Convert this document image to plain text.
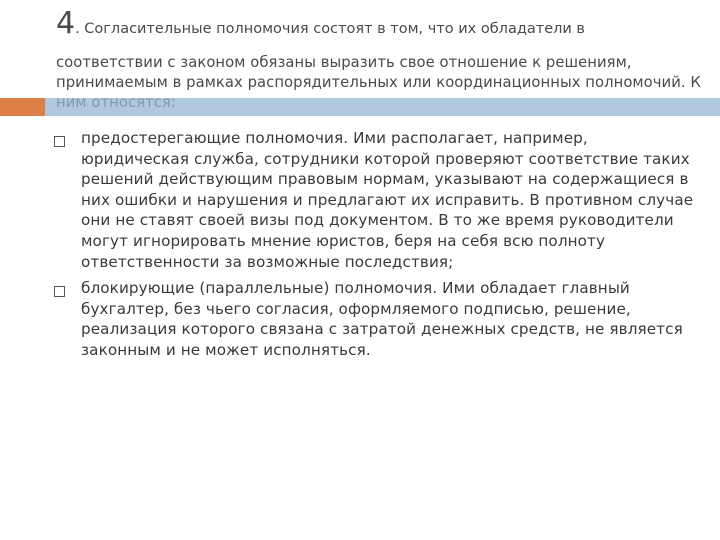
4. Согласительные полномочия состоят в том, что их обладатели в
соответствии с законом обязаны выразить свое отношение к решениям, принимаемым в рамках распорядительных или координационных полномочий. К
предостерегающие полномочия. Ими располагает, например, юридическая служба, сотрудники которой проверяют соответствие таких решений действующим правовым нормам, указывают на содержащиеся в них ошибки и нарушения и предлагают их исправить. В противном случае они не ставят своей визы под документом. В то же время руководители могут игнорировать мнение юристов, беря на себя всю полноту ответственности за возможные последствия;
блокирующие (параллельные) полномочия. Ими обладает главный бухгалтер, без чьего согласия, оформляемого подписью, решение, реализация которого связана с затратой денежных средств, не является законным и не может исполняться.
